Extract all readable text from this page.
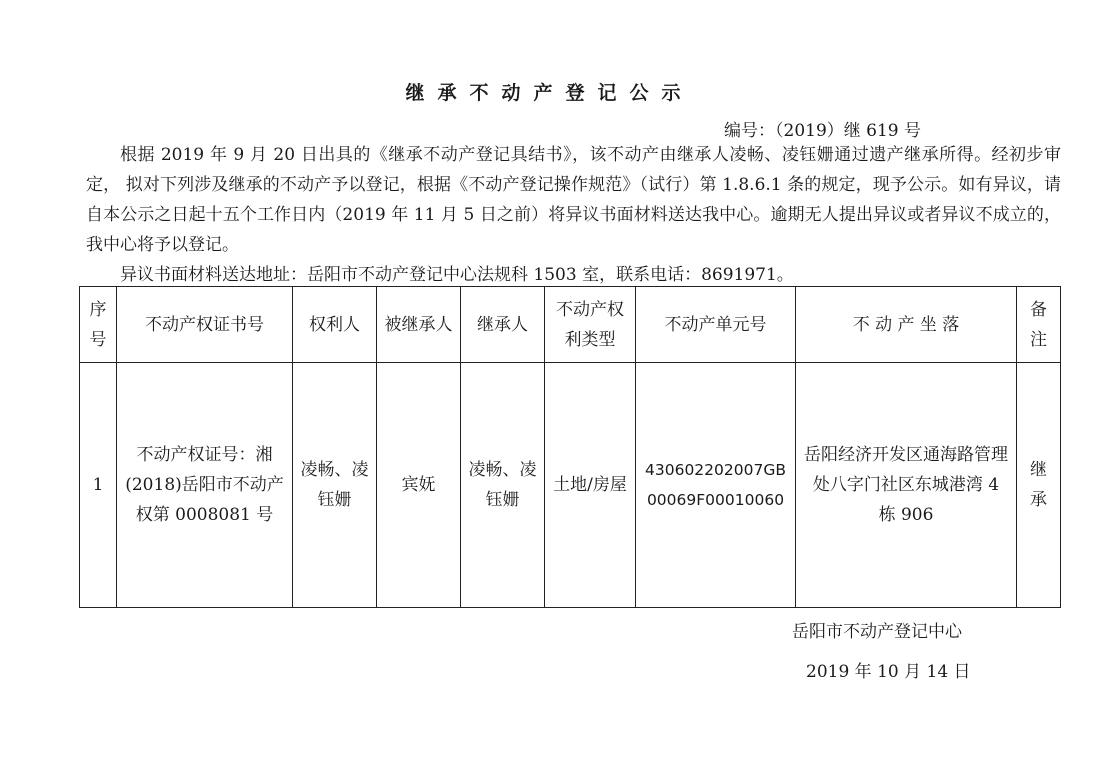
继承不动产登记公示
编号：（2019）继 619 号

根据 2019 年 9 月 20 日出具的《继承不动产登记具结书》，该不动产由继承人凌畅、凌钰姗通过遗产继承所得。经初步审定， 拟对下列涉及继承的不动产予以登记，根据《不动产登记操作规范》（试行）第 1.8.6.1 条的规定，现予公示。如有异议，请自本公示之日起十五个工作日内（2019 年 11 月 5 日之前）将异议书面材料送达我中心。逾期无人提出异议或者异议不成立的，我中心将予以登记。

异议书面材料送达地址：岳阳市不动产登记中心法规科 1503 室，联系电话：8691971。

序号	不动产权证书号	权利人	被继承人	继承人	不动产权利类型	不动产单元号	不 动 产 坐 落	备注
1	不动产权证号：湘(2018)岳阳市不动产权第 0008081 号	凌畅、凌钰姗	宾妩	凌畅、凌钰姗	土地/房屋	430602202007GB00069F00010060	岳阳经济开发区通海路管理处八字门社区东城港湾 4 栋 906	继承
岳阳市不动产登记中心
2019 年 10 月 14 日
